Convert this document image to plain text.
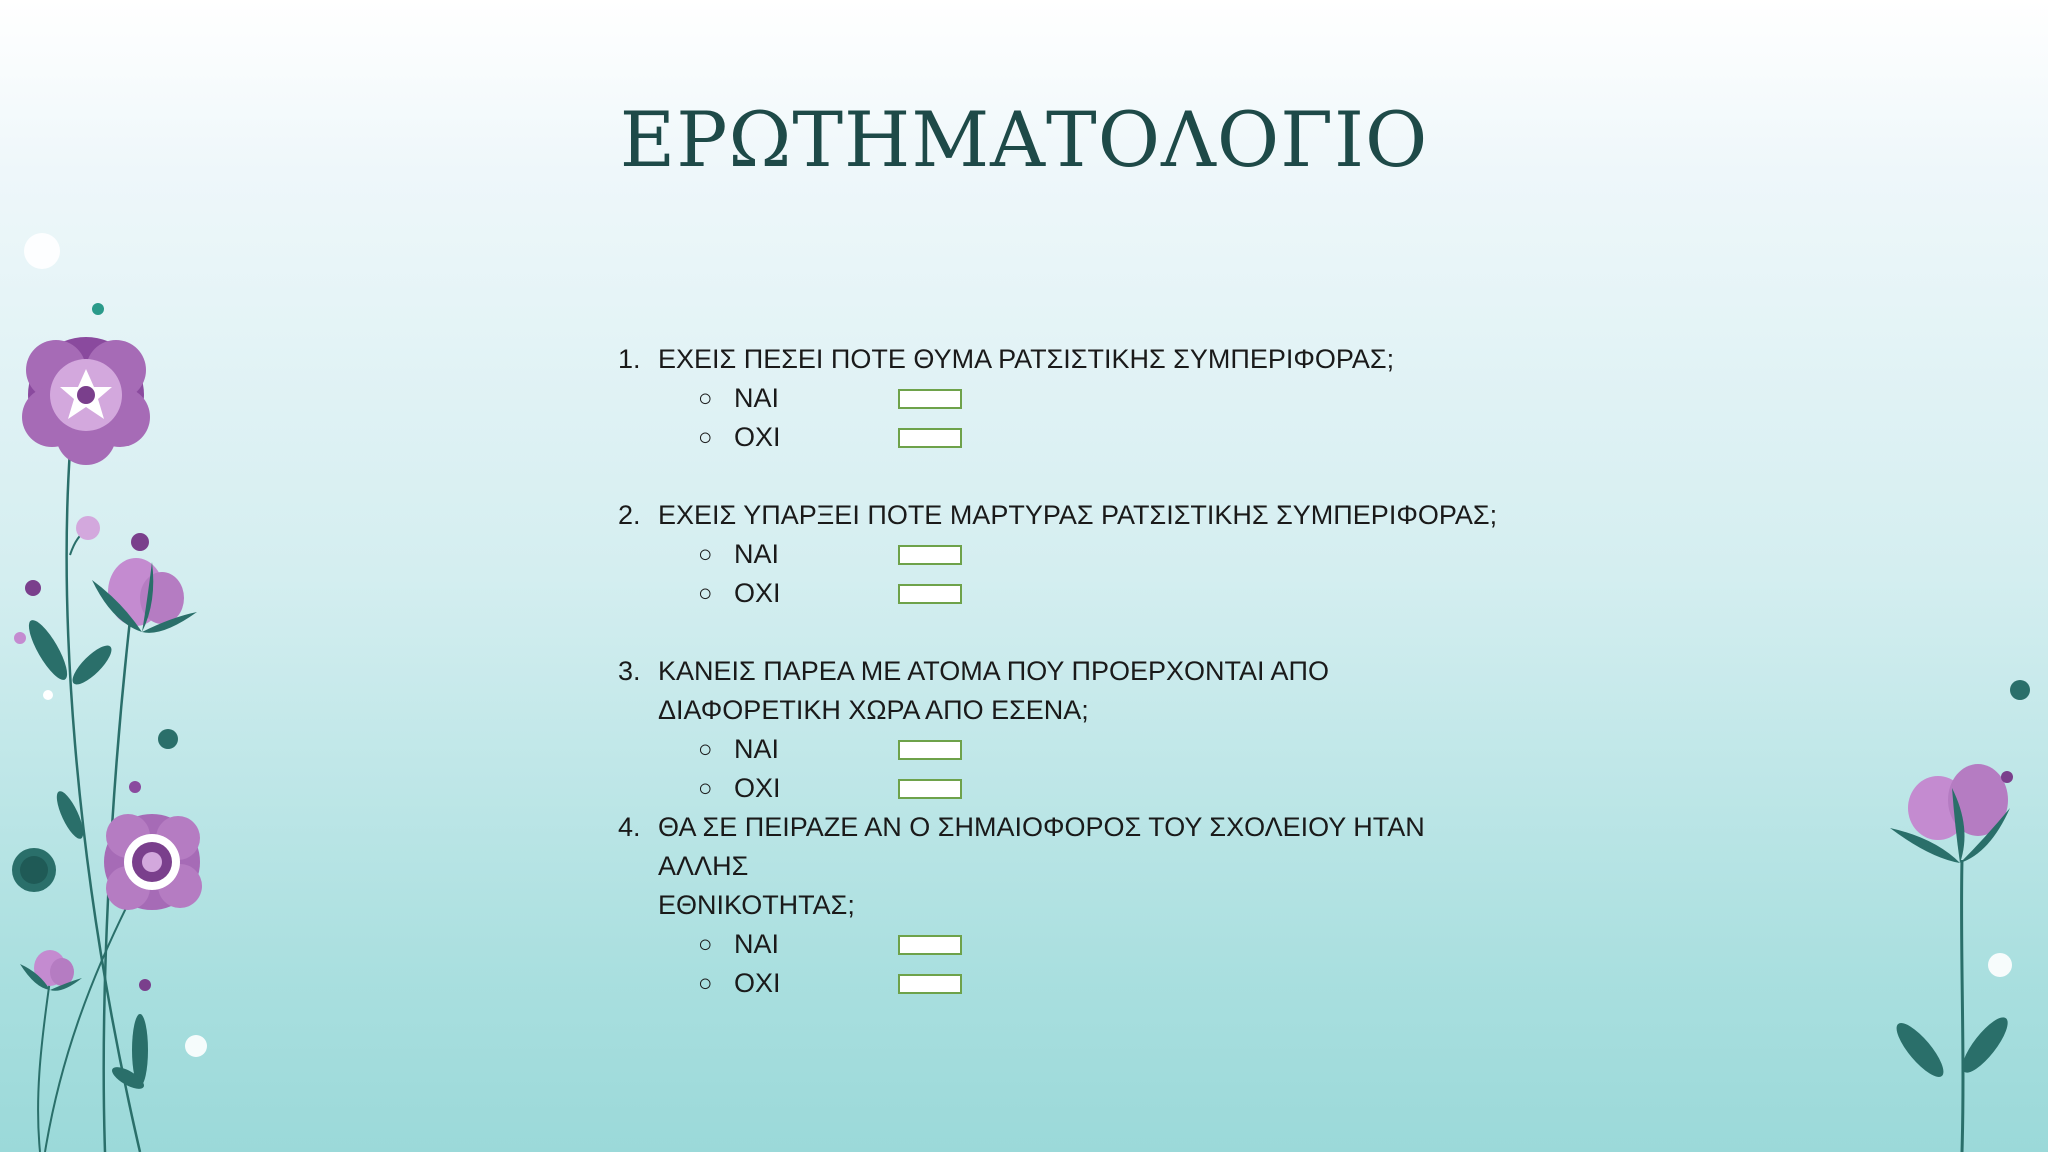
ΕΡΩΤΗΜΑΤΟΛΟΓΙΟ
1. ΕΧΕΙΣ ΠΕΣΕΙ ΠΟΤΕ ΘΥΜΑ ΡΑΤΣΙΣΤΙΚΗΣ ΣΥΜΠΕΡΙΦΟΡΑΣ;
○ ΝΑΙ
○ ΟΧΙ
2. ΕΧΕΙΣ ΥΠΑΡΞΕΙ ΠΟΤΕ ΜΑΡΤΥΡΑΣ ΡΑΤΣΙΣΤΙΚΗΣ ΣΥΜΠΕΡΙΦΟΡΑΣ;
○ ΝΑΙ
○ ΟΧΙ
3. ΚΑΝΕΙΣ ΠΑΡΕΑ ΜΕ ΑΤΟΜΑ ΠΟΥ ΠΡΟΕΡΧΟΝΤΑΙ ΑΠΟ
ΔΙΑΦΟΡΕΤΙΚΗ ΧΩΡΑ ΑΠΟ ΕΣΕΝΑ;
○ ΝΑΙ
○ ΟΧΙ
4. ΘΑ ΣΕ ΠΕΙΡΑΖΕ ΑΝ Ο ΣΗΜΑΙΟΦΟΡΟΣ ΤΟΥ ΣΧΟΛΕΙΟΥ ΗΤΑΝ ΑΛΛΗΣ
ΕΘΝΙΚΟΤΗΤΑΣ;
○ ΝΑΙ
○ ΟΧΙ
